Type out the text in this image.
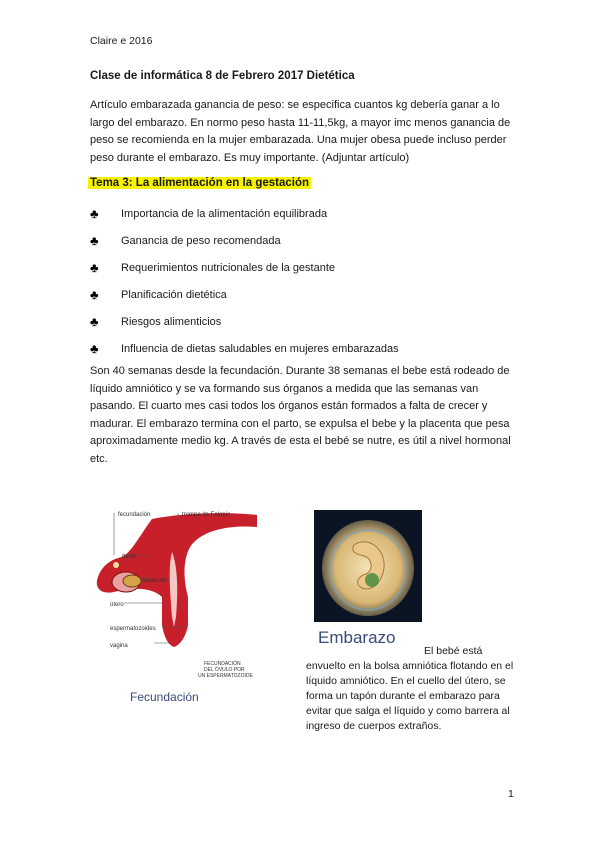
Claire e 2016
Clase de informática 8 de Febrero 2017 Dietética
Artículo embarazada ganancia de peso: se especifica cuantos kg debería ganar a lo largo del embarazo. En normo peso hasta 11-11,5kg, a mayor imc menos ganancia de peso se recomienda en la mujer embarazada. Una mujer obesa puede incluso perder peso durante el embarazo. Es muy importante. (Adjuntar artículo)
Tema 3: La alimentación en la gestación
♣	Importancia de la alimentación equilibrada
♣	Ganancia de peso recomendada
♣	Requerimientos nutricionales de la gestante
♣	Planificación dietética
♣	Riesgos alimenticios
♣	Influencia de dietas saludables en mujeres embarazadas
Son 40 semanas desde la fecundación. Durante 38 semanas el bebe está rodeado de líquido amniótico y se va formando sus órganos a medida que las semanas van pasando. El cuarto mes casi todos los órganos están formados a falta de crecer y madurar. El embarazo termina con el parto, se expulsa el bebe y la placenta que pesa aproximadamente medio kg. A través de esta el bebé se nutre, es útil a nivel hormonal etc.
fecundación	trompa de Falopio
óvulo
ovulación
útero
espermatozoides
vagina
FECUNDACIÓN
DEL ÓVULO POR
UN ESPERMATOZOIDE
Fecundación
Embarazo
El bebé está envuelto en la bolsa amniótica flotando en el líquido amniótico. En el cuello del útero, se forma un tapón durante el embarazo para evitar que salga el líquido y como barrera al ingreso de cuerpos extraños.
1
